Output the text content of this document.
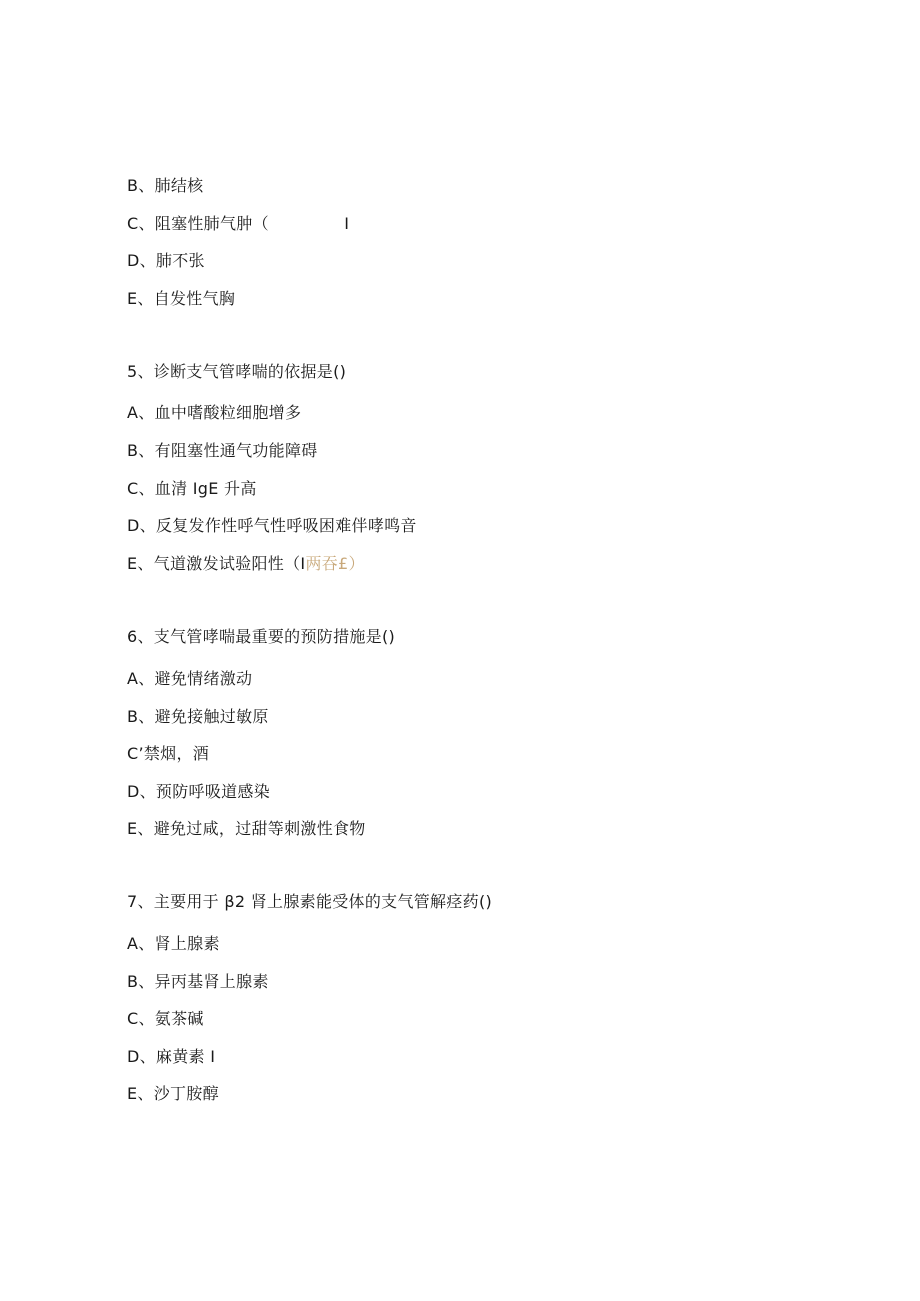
B、肺结核
C、阻塞性肺气肿（              I
D、肺不张
E、自发性气胸
5、诊断支气管哮喘的依据是()
A、血中嗜酸粒细胞增多
B、有阻塞性通气功能障碍
C、血清 IgE 升高
D、反复发作性呼气性呼吸困难伴哮鸣音
E、气道激发试验阳性（I两吞£）
6、支气管哮喘最重要的预防措施是()
A、避免情绪激动
B、避免接触过敏原
C’禁烟，酒
D、预防呼吸道感染
E、避免过咸，过甜等刺激性食物
7、主要用于 β2 肾上腺素能受体的支气管解痉药()
A、肾上腺素
B、异丙基肾上腺素
C、氨茶碱
D、麻黄素 I
E、沙丁胺醇
